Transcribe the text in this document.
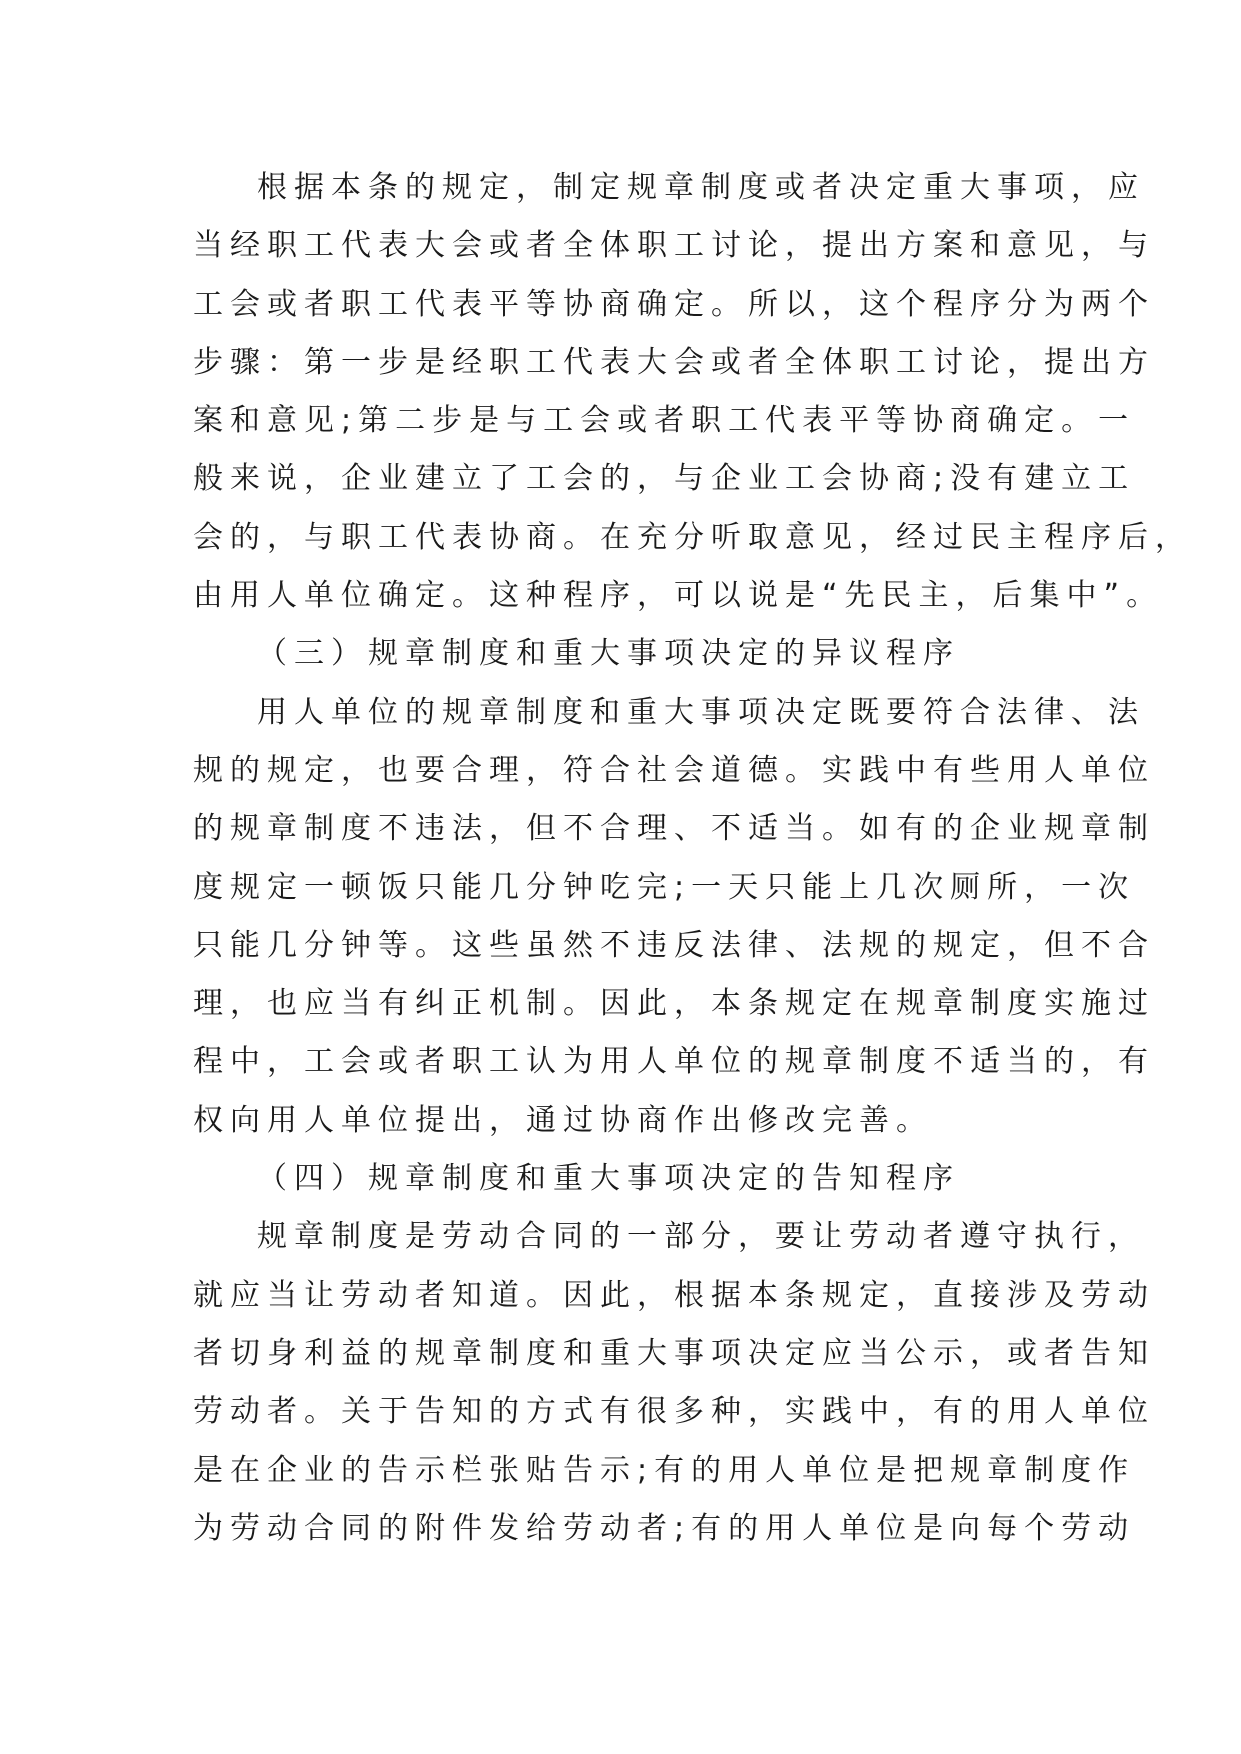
根据本条的规定，制定规章制度或者决定重大事项，应
当经职工代表大会或者全体职工讨论，提出方案和意见，与
工会或者职工代表平等协商确定。所以，这个程序分为两个
步骤：第一步是经职工代表大会或者全体职工讨论，提出方
案和意见;第二步是与工会或者职工代表平等协商确定。一
般来说，企业建立了工会的，与企业工会协商;没有建立工
会的，与职工代表协商。在充分听取意见，经过民主程序后，
由用人单位确定。这种程序，可以说是“先民主，后集中”。
（三）规章制度和重大事项决定的异议程序
用人单位的规章制度和重大事项决定既要符合法律、法
规的规定，也要合理，符合社会道德。实践中有些用人单位
的规章制度不违法，但不合理、不适当。如有的企业规章制
度规定一顿饭只能几分钟吃完;一天只能上几次厕所，一次
只能几分钟等。这些虽然不违反法律、法规的规定，但不合
理，也应当有纠正机制。因此，本条规定在规章制度实施过
程中，工会或者职工认为用人单位的规章制度不适当的，有
权向用人单位提出，通过协商作出修改完善。
（四）规章制度和重大事项决定的告知程序
规章制度是劳动合同的一部分，要让劳动者遵守执行，
就应当让劳动者知道。因此，根据本条规定，直接涉及劳动
者切身利益的规章制度和重大事项决定应当公示，或者告知
劳动者。关于告知的方式有很多种，实践中，有的用人单位
是在企业的告示栏张贴告示;有的用人单位是把规章制度作
为劳动合同的附件发给劳动者;有的用人单位是向每个劳动
